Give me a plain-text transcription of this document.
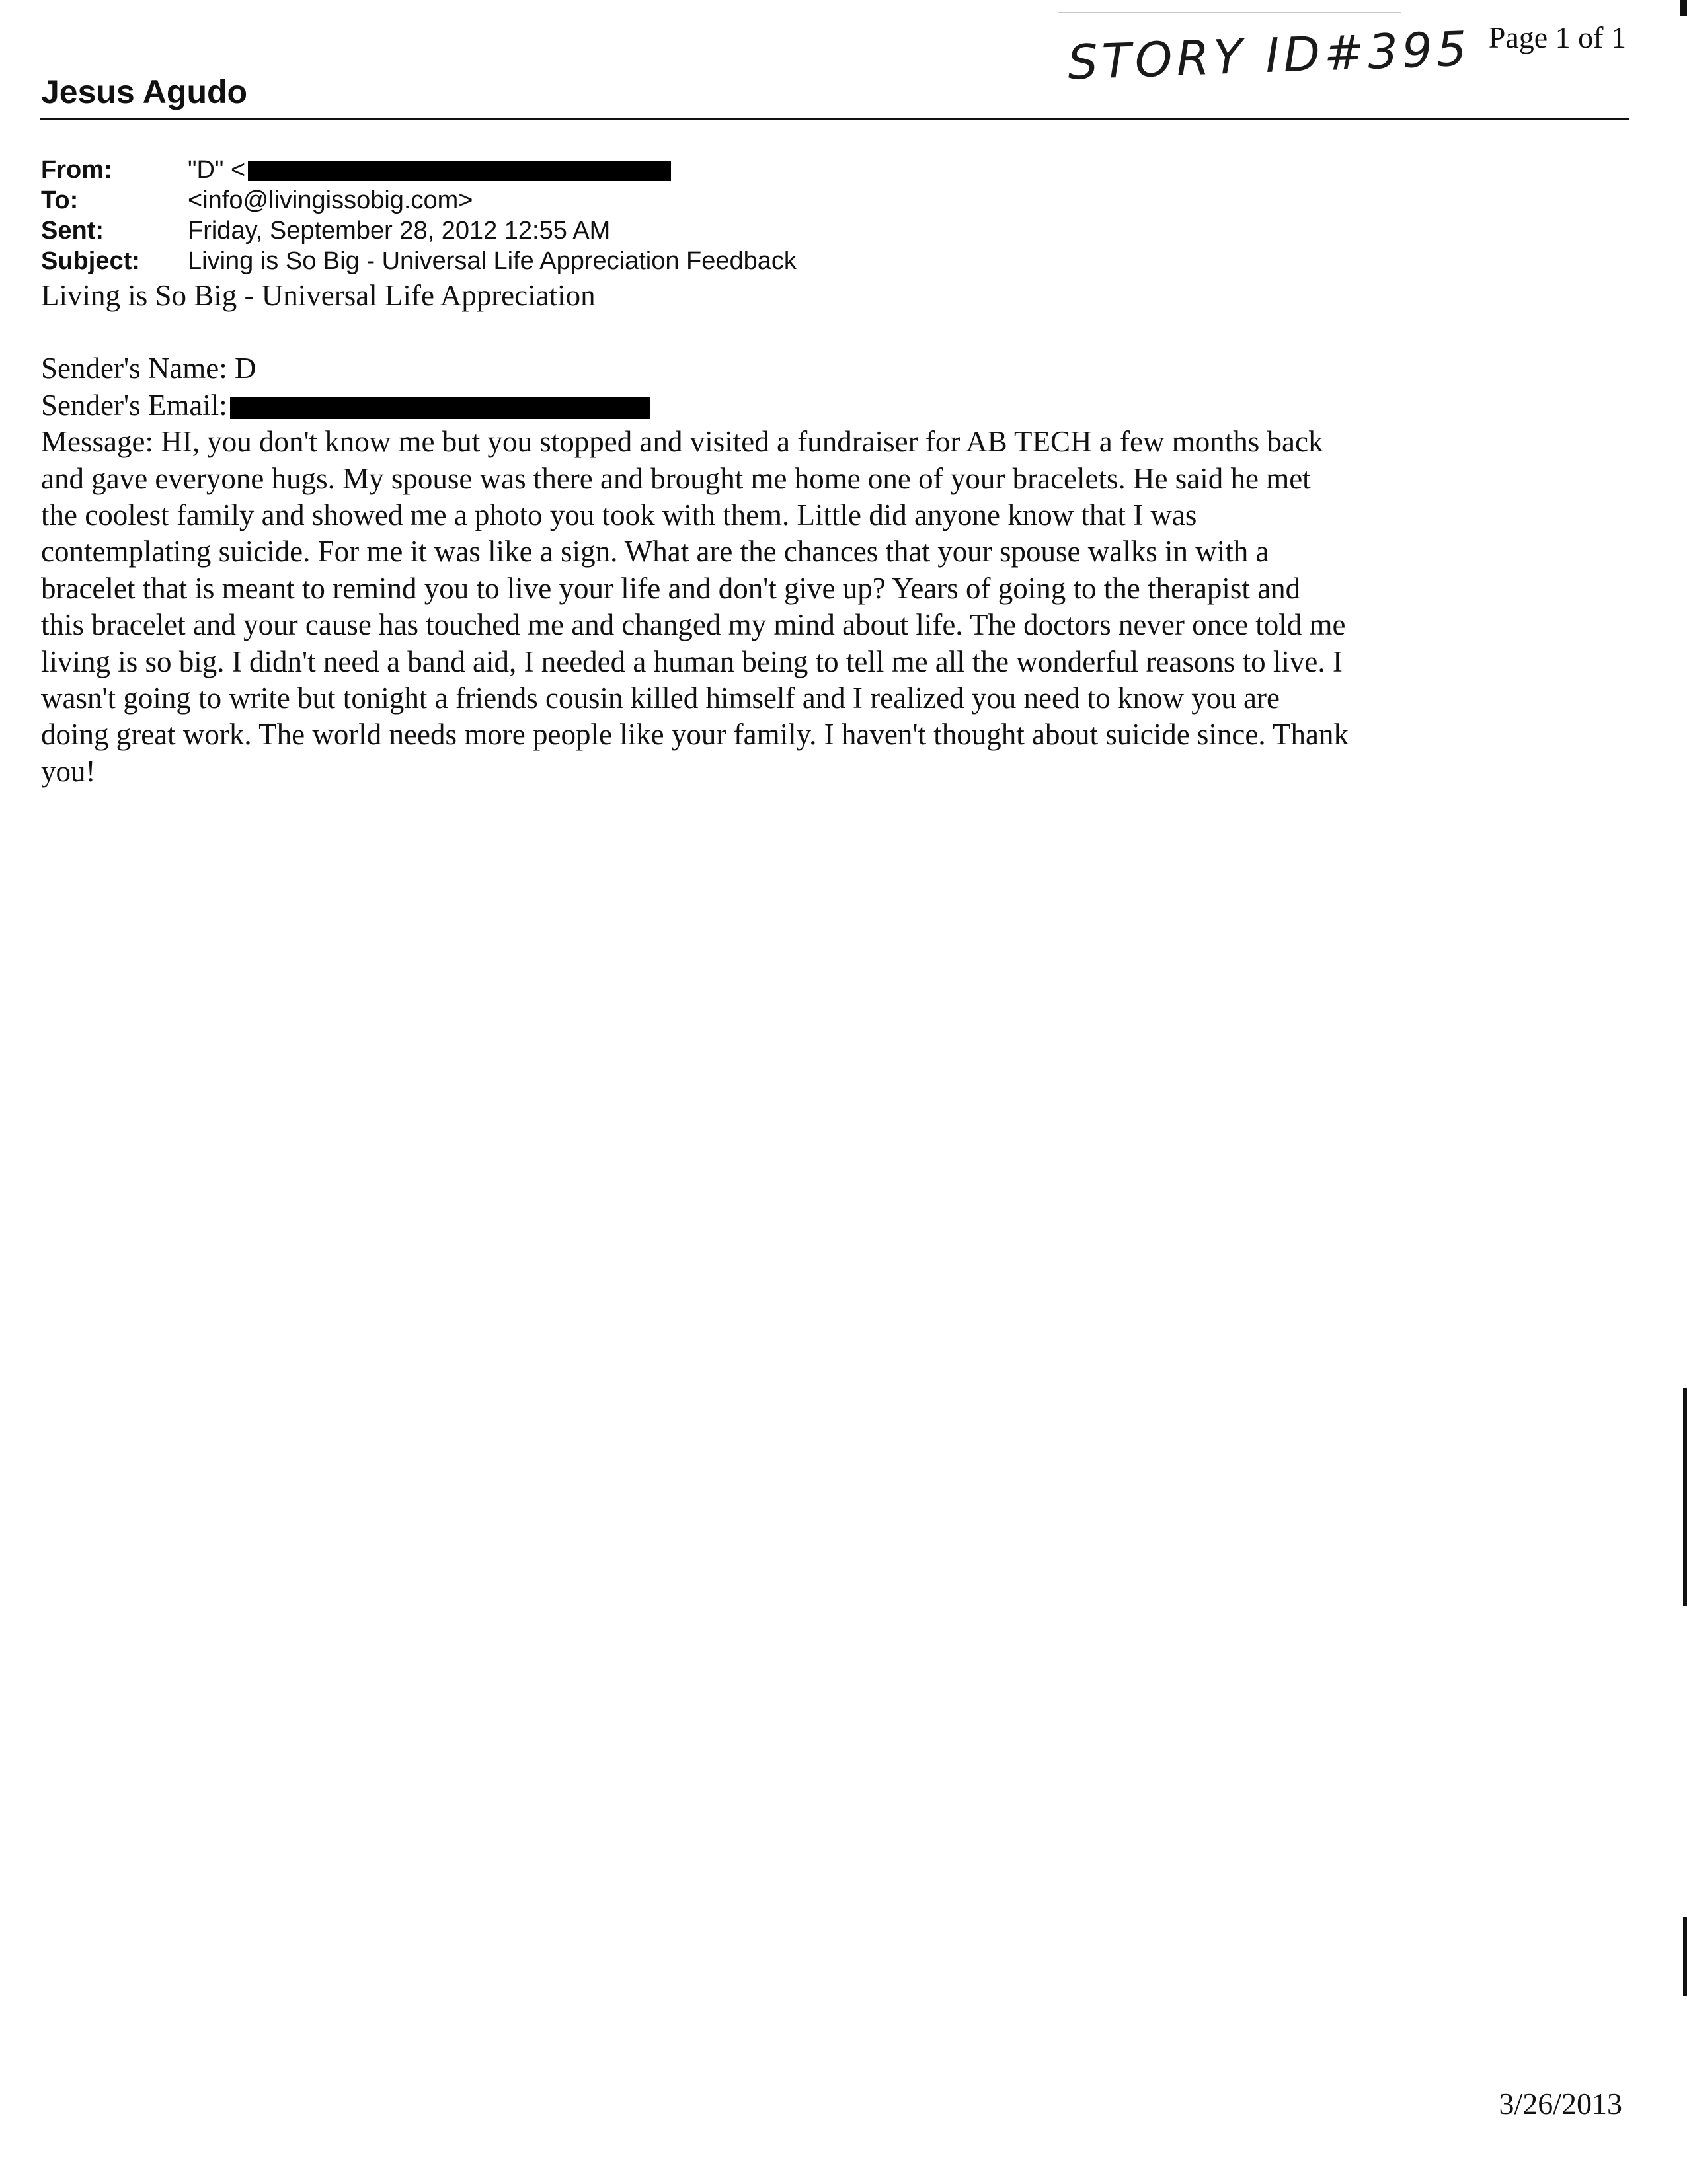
STORY ID#395 Page 1 of 1
Jesus Agudo
From:	"D" <
To:	<info@livingissobig.com>
Sent:	Friday, September 28, 2012 12:55 AM
Subject:	Living is So Big - Universal Life Appreciation Feedback

Living is So Big - Universal Life Appreciation

Sender's Name: D

Sender's Email:

Message: HI, you don't know me but you stopped and visited a fundraiser for AB TECH a few months back and gave everyone hugs. My spouse was there and brought me home one of your bracelets. He said he met the coolest family and showed me a photo you took with them. Little did anyone know that I was contemplating suicide. For me it was like a sign. What are the chances that your spouse walks in with a bracelet that is meant to remind you to live your life and don't give up? Years of going to the therapist and this bracelet and your cause has touched me and changed my mind about life. The doctors never once told me living is so big. I didn't need a band aid, I needed a human being to tell me all the wonderful reasons to live. I wasn't going to write but tonight a friends cousin killed himself and I realized you need to know you are doing great work. The world needs more people like your family. I haven't thought about suicide since. Thank you!

3/26/2013
